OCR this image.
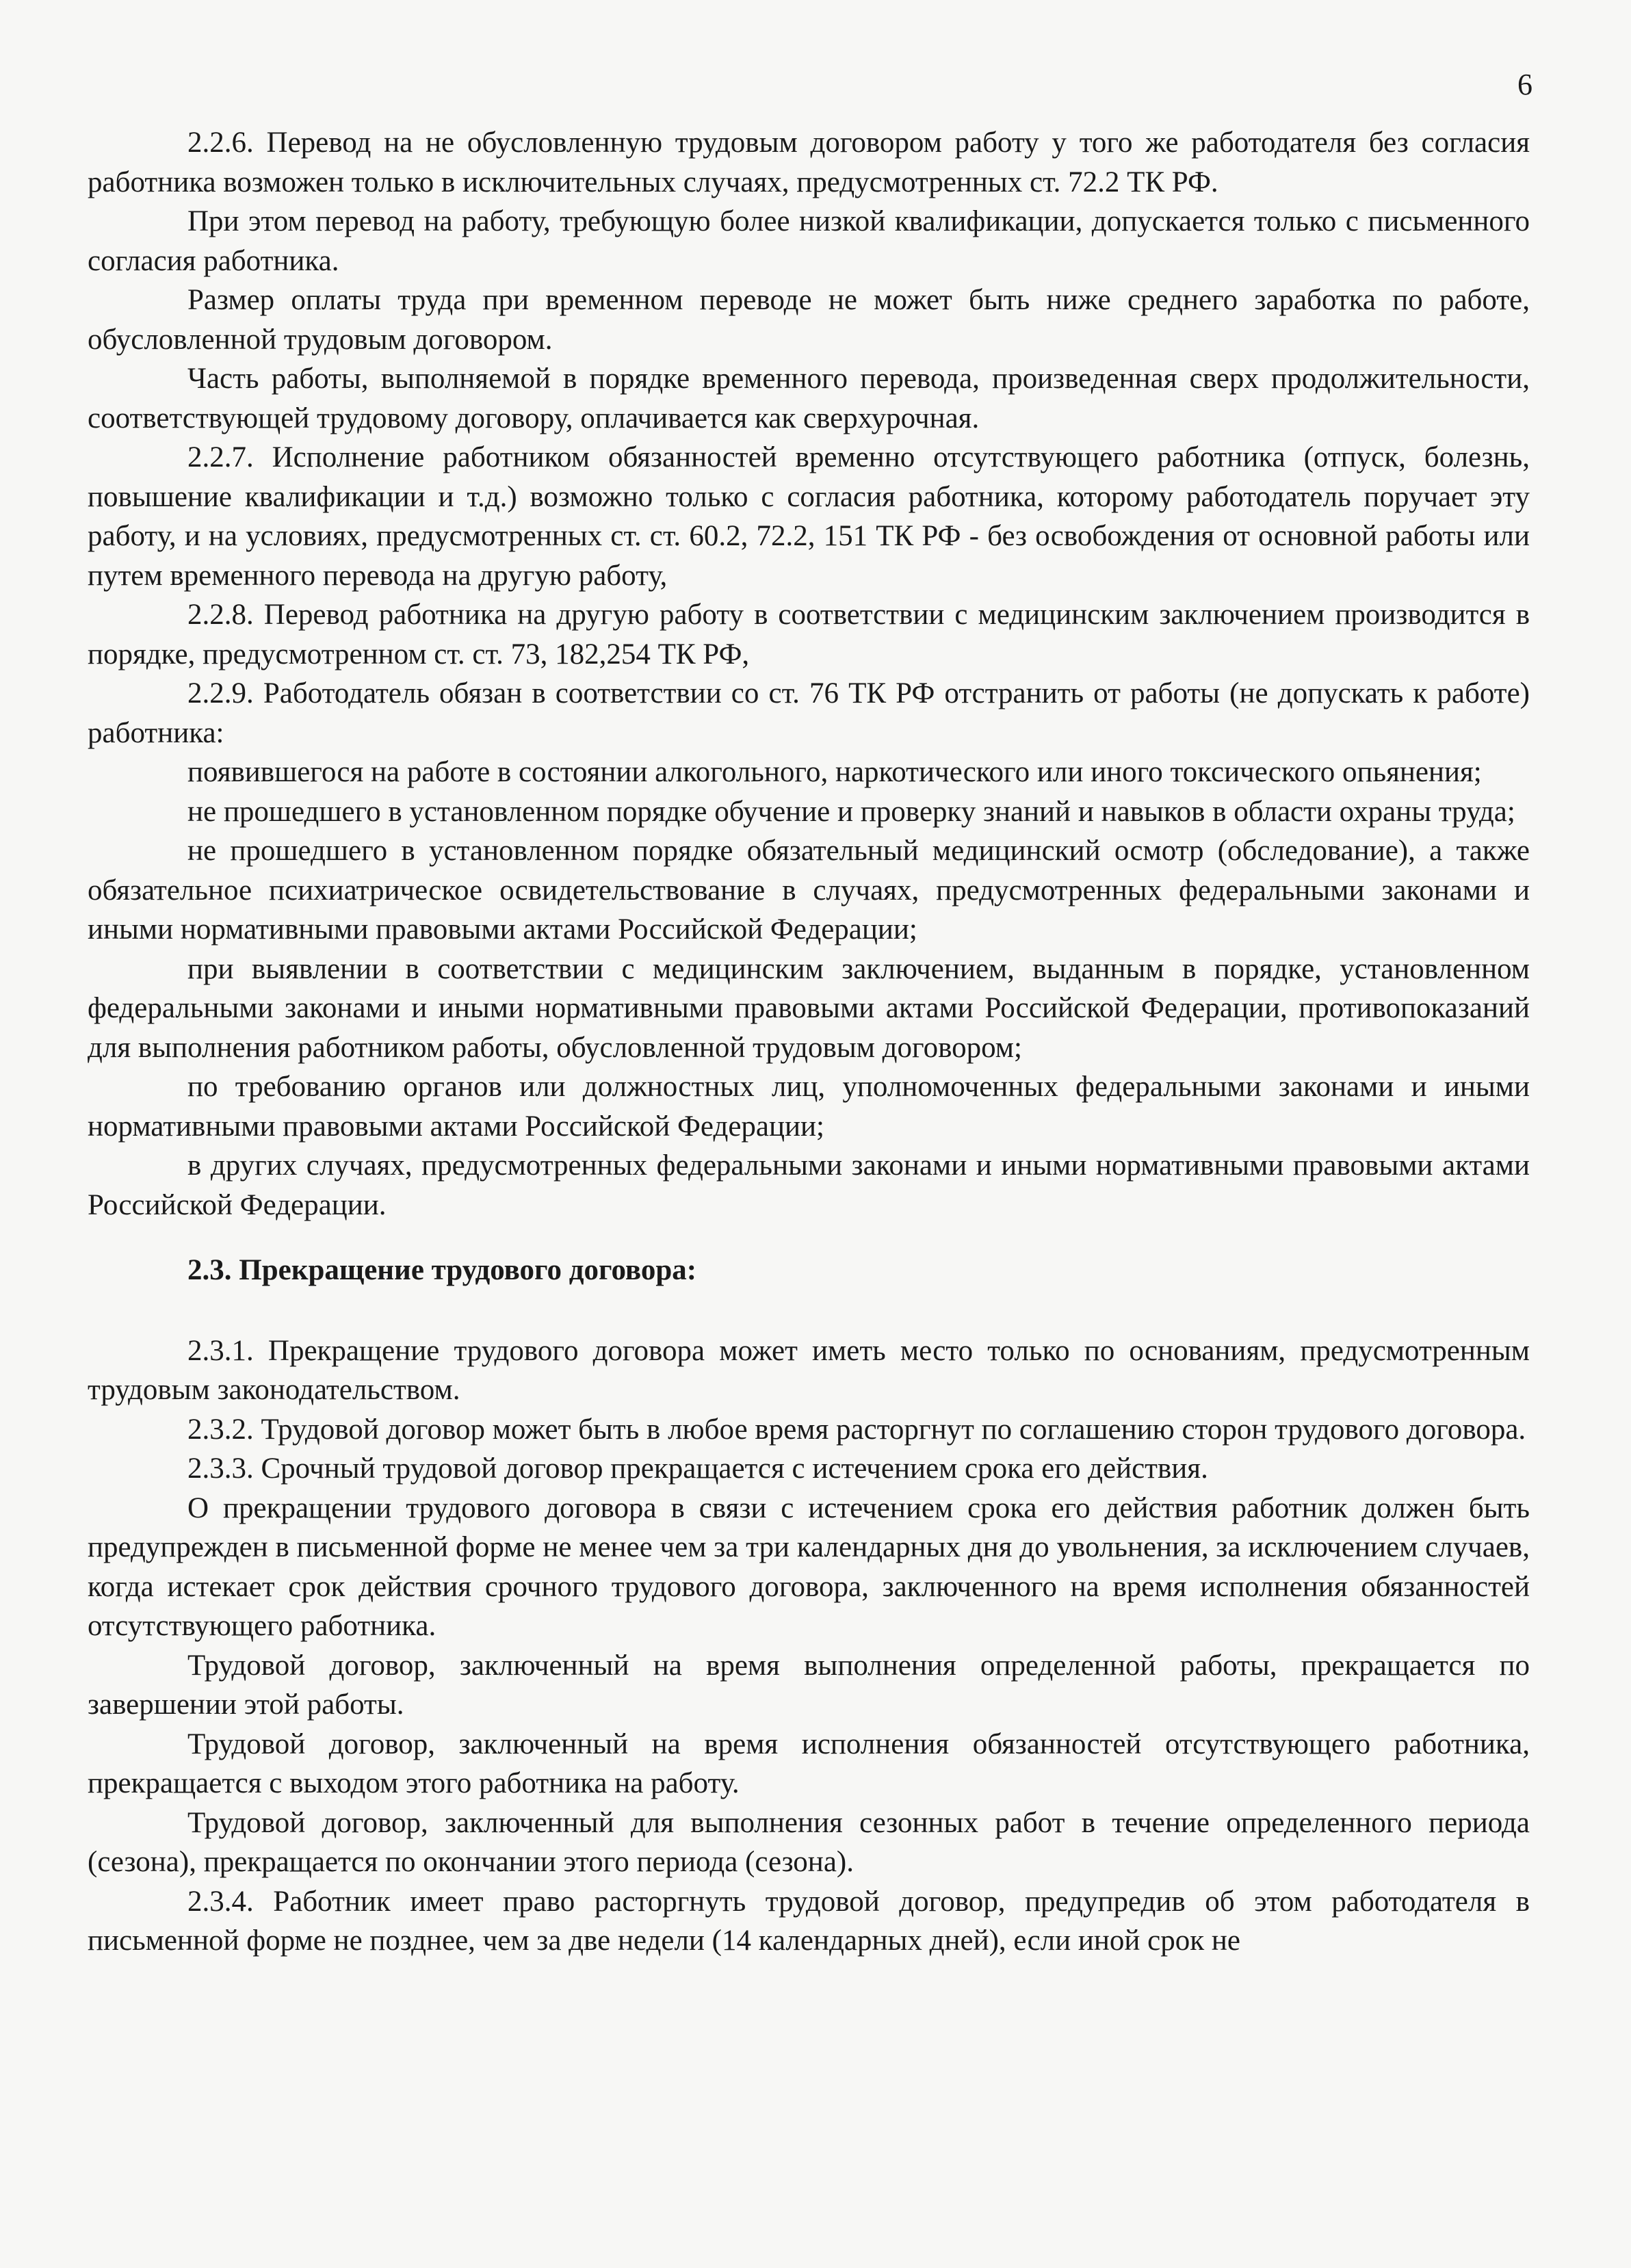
6

2.2.6. Перевод на не обусловленную трудовым договором работу у того же работодателя без согласия работника возможен только в исключительных случаях, предусмотренных ст. 72.2 ТК РФ.

При этом перевод на работу, требующую более низкой квалификации, допускается только с письменного согласия работника.

Размер оплаты труда при временном переводе не может быть ниже среднего заработка по работе, обусловленной трудовым договором.

Часть работы, выполняемой в порядке временного перевода, произведенная сверх продолжительности, соответствующей трудовому договору, оплачивается как сверхурочная.

2.2.7. Исполнение работником обязанностей временно отсутствующего работника (отпуск, болезнь, повышение квалификации и т.д.) возможно только с согласия работника, которому работодатель поручает эту работу, и на условиях, предусмотренных ст. ст. 60.2, 72.2, 151 ТК РФ - без освобождения от основной работы или путем временного перевода на другую работу,

2.2.8. Перевод работника на другую работу в соответствии с медицинским заключением производится в порядке, предусмотренном ст. ст. 73, 182,254 ТК РФ,

2.2.9. Работодатель обязан в соответствии со ст. 76 ТК РФ отстранить от работы (не допускать к работе) работника:

появившегося на работе в состоянии алкогольного, наркотического или иного токсического опьянения;

не прошедшего в установленном порядке обучение и проверку знаний и навыков в области охраны труда;

не прошедшего в установленном порядке обязательный медицинский осмотр (обследование), а также обязательное психиатрическое освидетельствование в случаях, предусмотренных федеральными законами и иными нормативными правовыми актами Российской Федерации;

при выявлении в соответствии с медицинским заключением, выданным в порядке, установленном федеральными законами и иными нормативными правовыми актами Российской Федерации, противопоказаний для выполнения работником работы, обусловленной трудовым договором;

по требованию органов или должностных лиц, уполномоченных федеральными законами и иными нормативными правовыми актами Российской Федерации;

в других случаях, предусмотренных федеральными законами и иными нормативными правовыми актами Российской Федерации.

2.3. Прекращение трудового договора:

2.3.1. Прекращение трудового договора может иметь место только по основаниям, предусмотренным трудовым законодательством.

2.3.2. Трудовой договор может быть в любое время расторгнут по соглашению сторон трудового договора.

2.3.3. Срочный трудовой договор прекращается с истечением срока его действия.

О прекращении трудового договора в связи с истечением срока его действия работник должен быть предупрежден в письменной форме не менее чем за три календарных дня до увольнения, за исключением случаев, когда истекает срок действия срочного трудового договора, заключенного на время исполнения обязанностей отсутствующего работника.

Трудовой договор, заключенный на время выполнения определенной работы, прекращается по завершении этой работы.

Трудовой договор, заключенный на время исполнения обязанностей отсутствующего работника, прекращается с выходом этого работника на работу.

Трудовой договор, заключенный для выполнения сезонных работ в течение определенного периода (сезона), прекращается по окончании этого периода (сезона).

2.3.4. Работник имеет право расторгнуть трудовой договор, предупредив об этом работодателя в письменной форме не позднее, чем за две недели (14 календарных дней), если иной срок не
